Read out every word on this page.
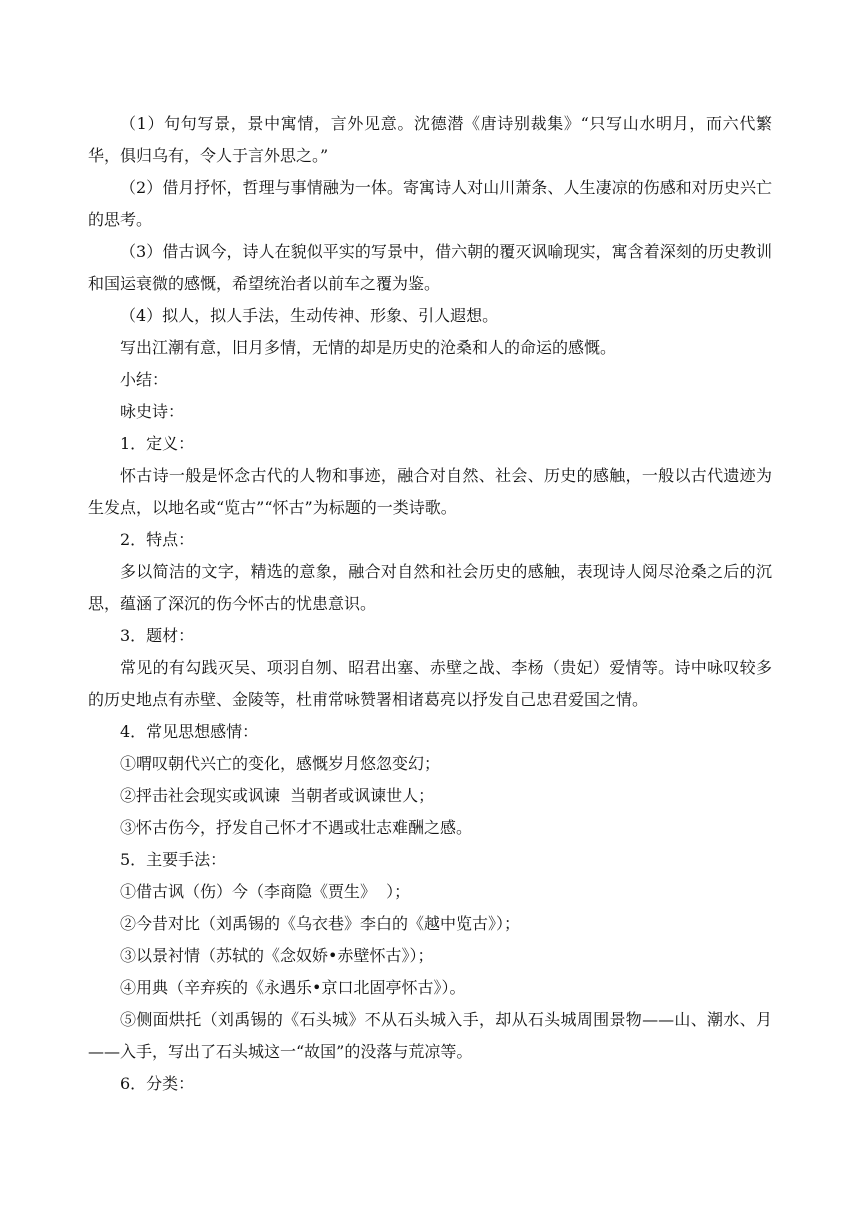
（1）句句写景，景中寓情，言外见意。沈德潜《唐诗别裁集》“只写山水明月，而六代繁华，俱归乌有，令人于言外思之。”

（2）借月抒怀，哲理与事情融为一体。寄寓诗人对山川萧条、人生凄凉的伤感和对历史兴亡的思考。

（3）借古讽今，诗人在貌似平实的写景中，借六朝的覆灭讽喻现实，寓含着深刻的历史教训和国运衰微的感慨，希望统治者以前车之覆为鉴。

（4）拟人，拟人手法，生动传神、形象、引人遐想。

写出江潮有意，旧月多情，无情的却是历史的沧桑和人的命运的感慨。

小结：

咏史诗：

1．定义：

怀古诗一般是怀念古代的人物和事迹，融合对自然、社会、历史的感触，一般以古代遗迹为生发点，以地名或“览古”“怀古”为标题的一类诗歌。

2．特点：

多以简洁的文字，精选的意象，融合对自然和社会历史的感触，表现诗人阅尽沧桑之后的沉思，蕴涵了深沉的伤今怀古的忧患意识。

3．题材：

常见的有勾践灭吴、项羽自刎、昭君出塞、赤壁之战、李杨（贵妃）爱情等。诗中咏叹较多的历史地点有赤壁、金陵等，杜甫常咏赞署相诸葛亮以抒发自己忠君爱国之情。

4．常见思想感情：

①喟叹朝代兴亡的变化，感慨岁月悠忽变幻；

②抨击社会现实或讽谏  当朝者或讽谏世人；

③怀古伤今，抒发自己怀才不遇或壮志难酬之感。

5．主要手法：

①借古讽（伤）今（李商隐《贾生》  ）；

②今昔对比（刘禹锡的《乌衣巷》李白的《越中览古》）；

③以景衬情（苏轼的《念奴娇•赤壁怀古》）；

④用典（辛弃疾的《永遇乐•京口北固亭怀古》）。

⑤侧面烘托（刘禹锡的《石头城》不从石头城入手，却从石头城周围景物——山、潮水、月——入手，写出了石头城这一“故国”的没落与荒凉等。

6．分类：
